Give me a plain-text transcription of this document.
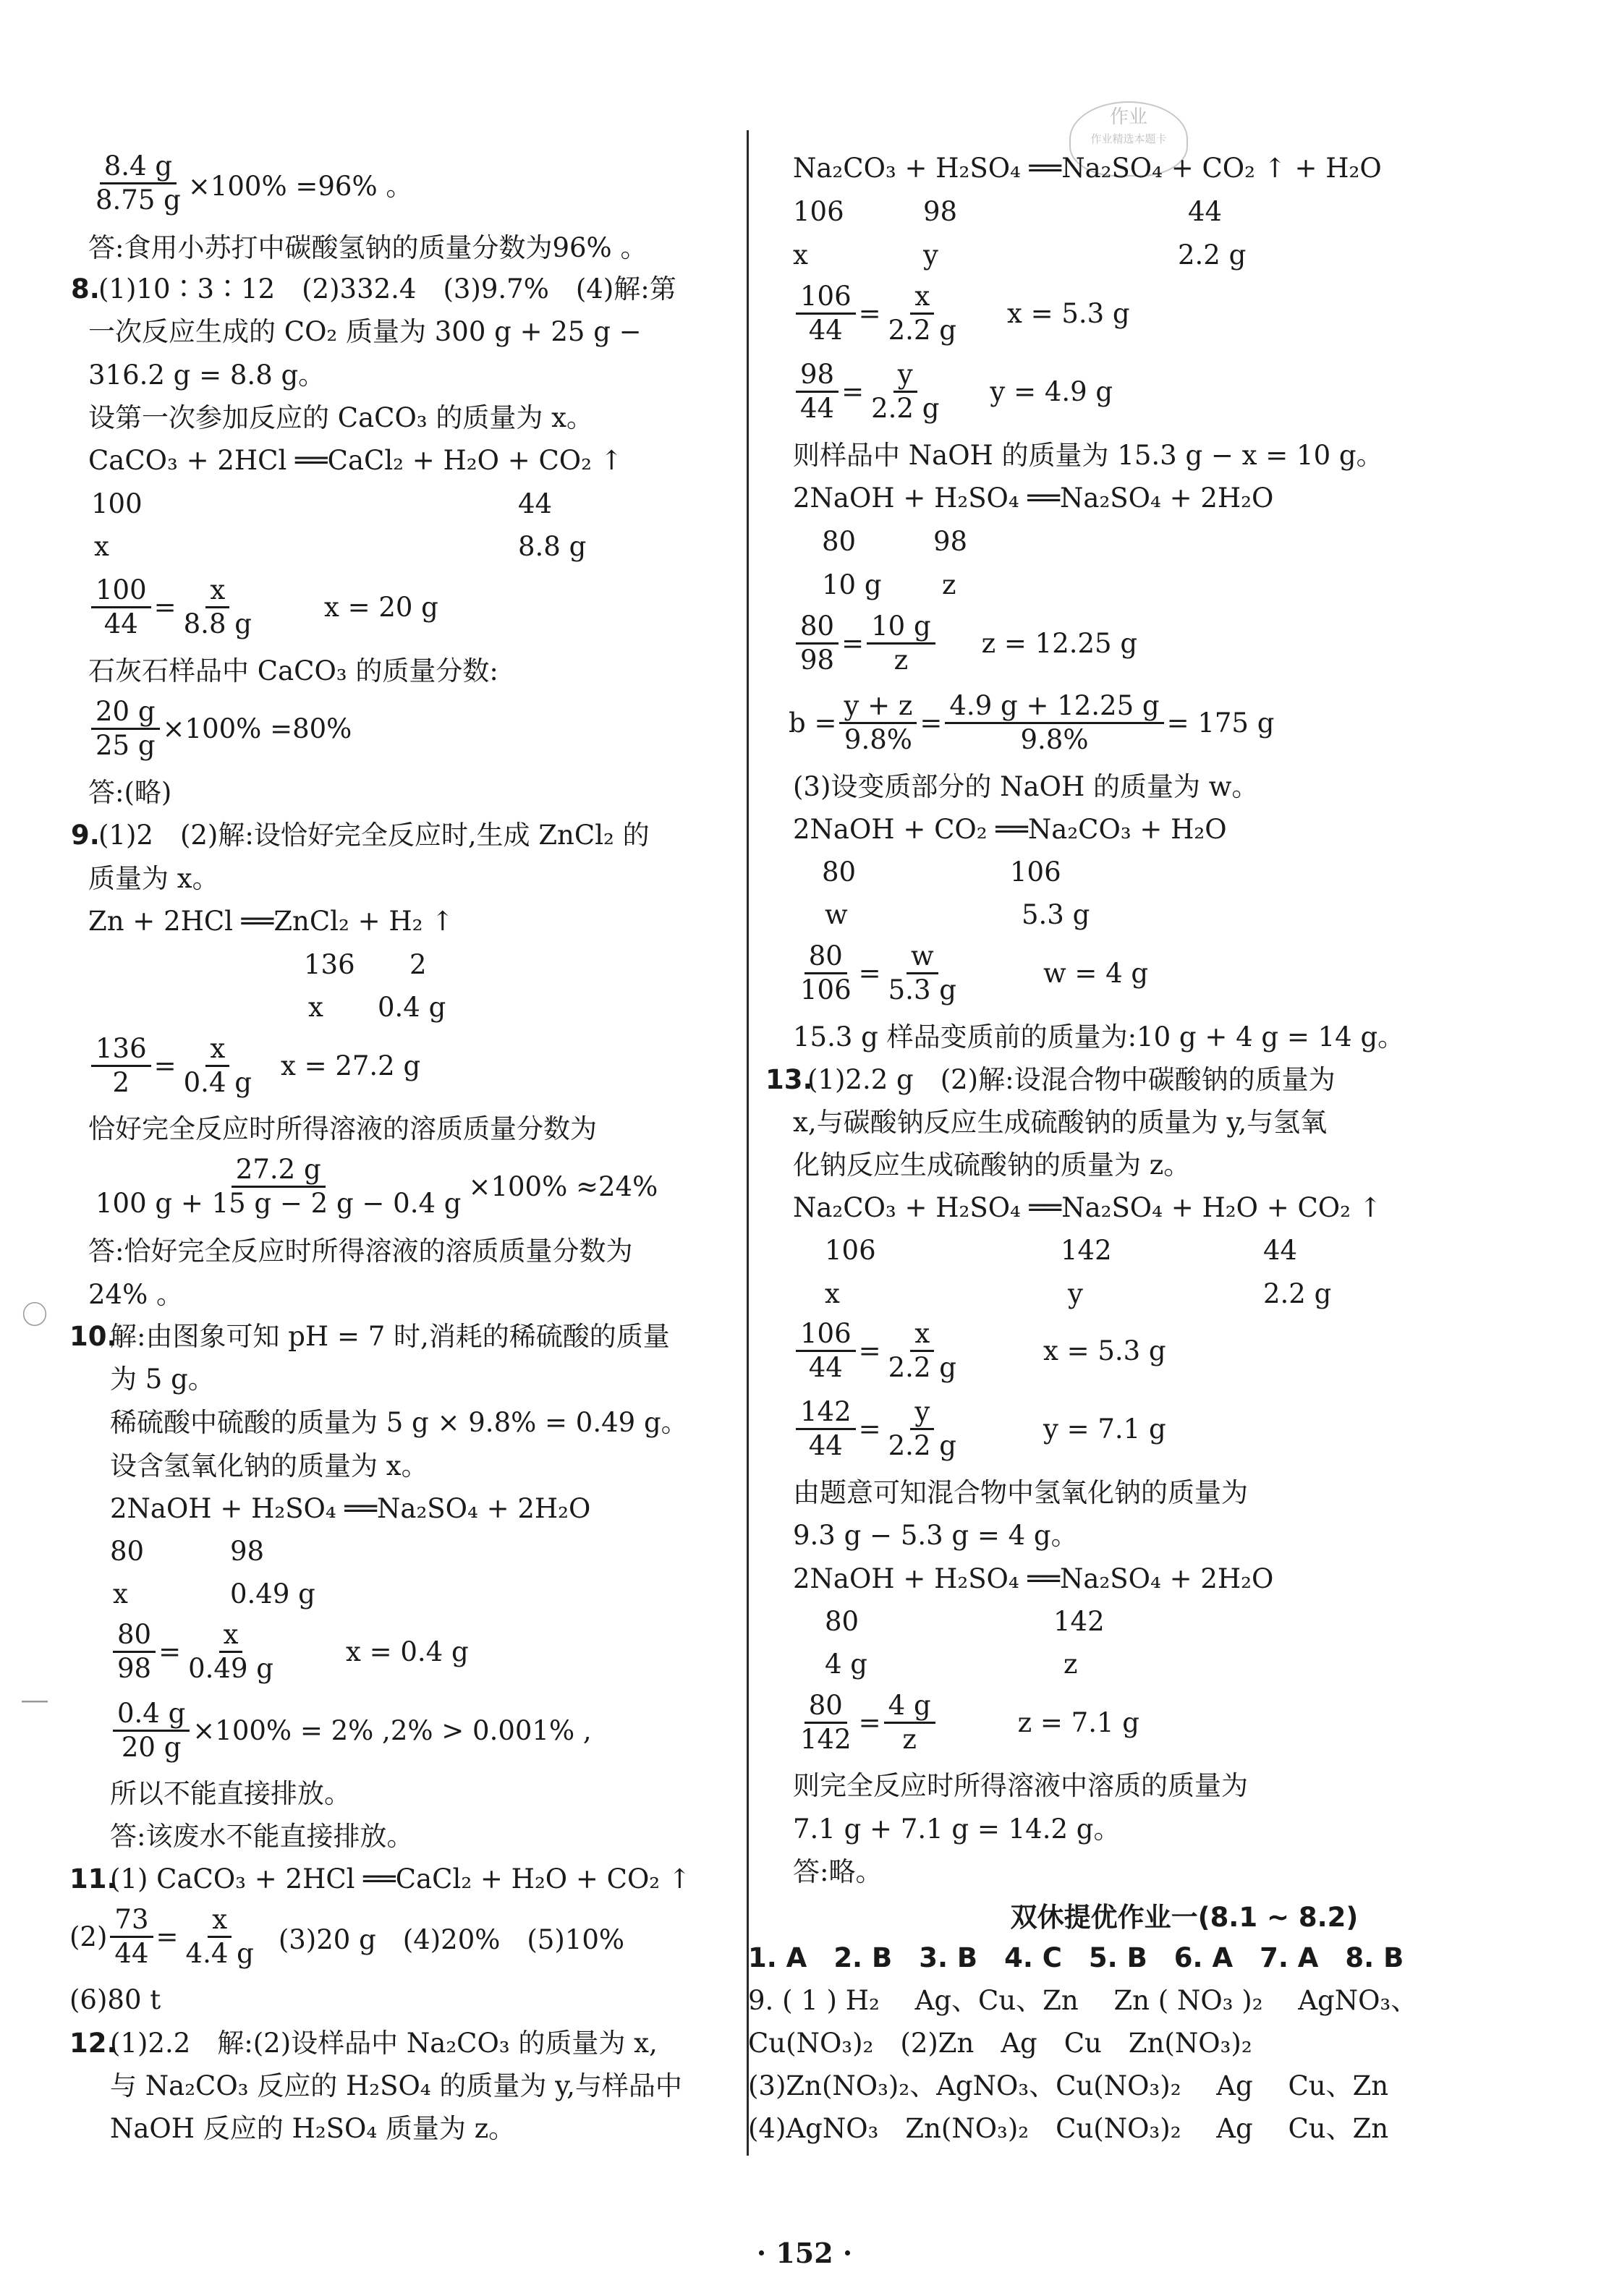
作业
作业精选本题卡
〇
―
$\frac{8.4 g}{8.75 g} \times 100\% =96\%$ 。
答:食用小苏打中碳酸氢钠的质量分数为96% 。
8.
(1)10∶3∶12　(2)332.4　(3)9.7%　(4)解:第
一次反应生成的 CO₂ 质量为 300 g + 25 g −
316.2 g = 8.8 g。
设第一次参加反应的 CaCO₃ 的质量为 x。
CaCO₃ + 2HCl ══CaCl₂ + H₂O + CO₂ ↑
100	44
x	8.8 g
$\frac{100}{44} = \frac{x}{8.8 g}$	x = 20 g
石灰石样品中 CaCO₃ 的质量分数:
$\frac{20 g}{25 g} \times 100\% =80\%$
答:(略)
9.
(1)2　(2)解:设恰好完全反应时,生成 ZnCl₂ 的
质量为 x。
Zn + 2HCl ══ZnCl₂ + H₂ ↑
136 2
x 0.4 g
$\frac{136}{2} = \frac{x}{0.4 g}$ x = 27.2 g
恰好完全反应时所得溶液的溶质质量分数为
$\frac{27.2 g}{100 g + 15 g - 2 g - 0.4 g} \times 100\% \approx 24\%$
答:恰好完全反应时所得溶液的溶质质量分数为
24% 。
10.
解:由图象可知 pH = 7 时,消耗的稀硫酸的质量
为 5 g。
稀硫酸中硫酸的质量为 5 g × 9.8% = 0.49 g。
设含氢氧化钠的质量为 x。
2NaOH + H₂SO₄ ══Na₂SO₄ + 2H₂O
80	98
x	0.49 g
$\frac{80}{98} = \frac{x}{0.49 g}$	x = 0.4 g
$\frac{0.4 g}{20 g} \times 100\% = 2\%$ ,2% > 0.001% ,
所以不能直接排放。
答:该废水不能直接排放。
11.
(1) CaCO₃ + 2HCl ══CaCl₂ + H₂O + CO₂ ↑
$(2) \frac{73}{44} = \frac{x}{4.4 g} (3)20$ g　(4)20%　(5)10%
(6)80 t
12.
(1)2.2　解:(2)设样品中 Na₂CO₃ 的质量为 x,
与 Na₂CO₃ 反应的 H₂SO₄ 的质量为 y,与样品中
NaOH 反应的 H₂SO₄ 质量为 z。
Na₂CO₃ + H₂SO₄ ══Na₂SO₄ + CO₂ ↑ + H₂O
106	98	44
x	y	2.2 g
$\frac{106}{44} = \frac{x}{2.2 g}$ x = 5.3 g
$\frac{98}{44} = \frac{y}{2.2 g}$ y = 4.9 g
则样品中 NaOH 的质量为 15.3 g − x = 10 g。
2NaOH + H₂SO₄ ══Na₂SO₄ + 2H₂O
80	98
10 g z
$\frac{80}{98} = \frac{10 g}{z}$ z = 12.25 g
$b = \frac{y + z}{9.8\%} = \frac{4.9 g + 12.25 g}{9.8\%} = 175$ g
(3)设变质部分的 NaOH 的质量为 w。
2NaOH + CO₂ ══Na₂CO₃ + H₂O
80	106
w	5.3 g
$\frac{80}{106} = \frac{w}{5.3 g}$	w = 4 g
15.3 g 样品变质前的质量为:10 g + 4 g = 14 g。
13.
(1)2.2 g　(2)解:设混合物中碳酸钠的质量为
x,与碳酸钠反应生成硫酸钠的质量为 y,与氢氧
化钠反应生成硫酸钠的质量为 z。
Na₂CO₃ + H₂SO₄ ══Na₂SO₄ + H₂O + CO₂ ↑
106	142	44
x	y	2.2 g
$\frac{106}{44} = \frac{x}{2.2 g}$	x = 5.3 g
$\frac{142}{44} = \frac{y}{2.2 g}$	y = 7.1 g
由题意可知混合物中氢氧化钠的质量为
9.3 g − 5.3 g = 4 g。
2NaOH + H₂SO₄ ══Na₂SO₄ + 2H₂O
80	142
4 g	z
$\frac{80}{142} = \frac{4 g}{z}$	z = 7.1 g
则完全反应时所得溶液中溶质的质量为
7.1 g + 7.1 g = 14.2 g。
答:略。
双休提优作业一(8.1 ~ 8.2)
1. A　2. B　3. B　4. C　5. B　6. A　7. A　8. B
9. ( 1 ) H₂　 Ag、Cu、Zn　 Zn ( NO₃ )₂　 AgNO₃、
Cu(NO₃)₂　(2)Zn　Ag　Cu　Zn(NO₃)₂
(3)Zn(NO₃)₂、AgNO₃、Cu(NO₃)₂　 Ag　 Cu、Zn
(4)AgNO₃　Zn(NO₃)₂　Cu(NO₃)₂　 Ag　 Cu、Zn
· 152 ·
